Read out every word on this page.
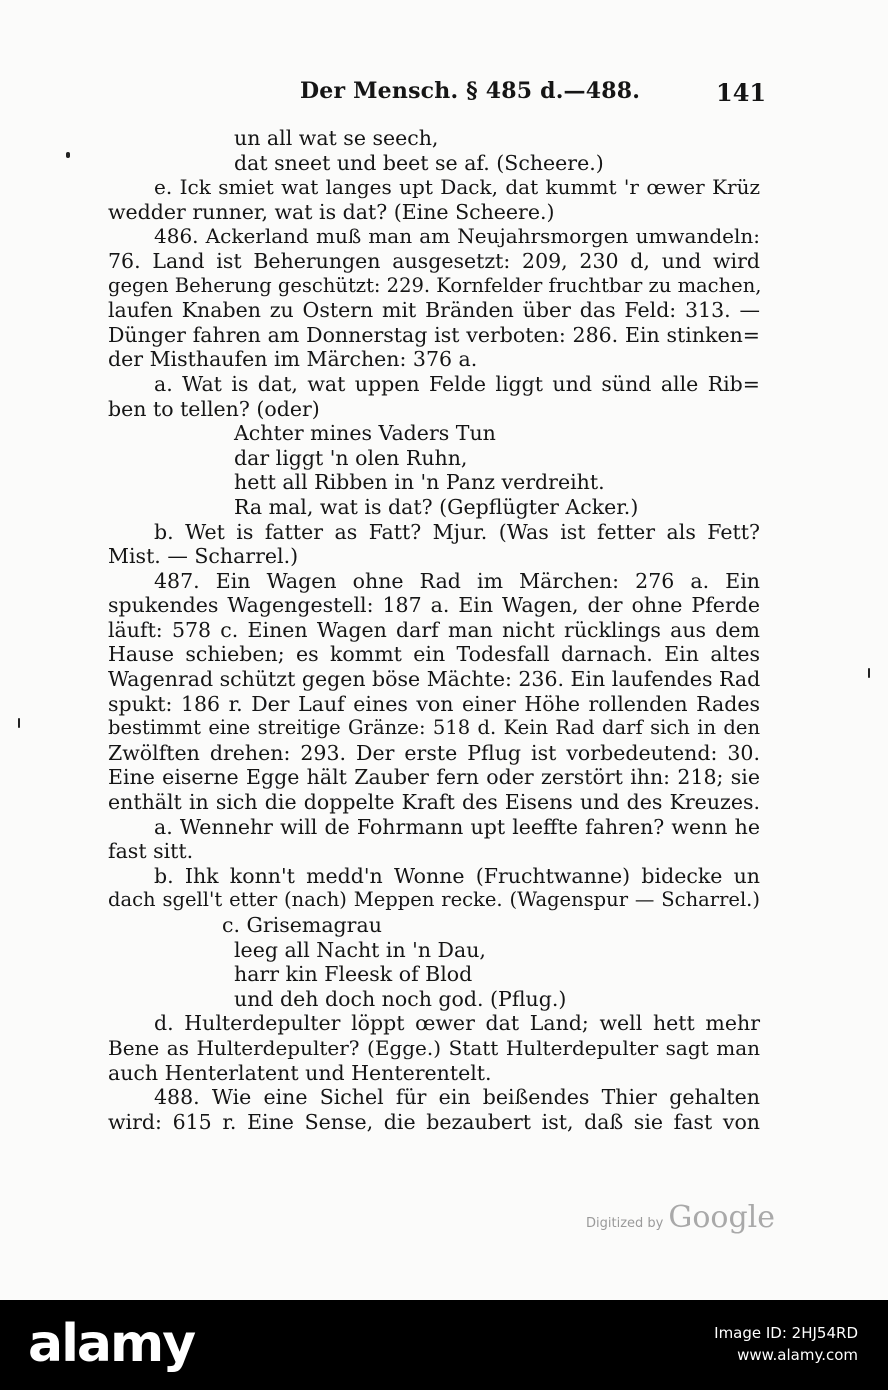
Der Mensch. § 485 d.—488.	141
un all wat se seech,
dat sneet und beet se af. (Scheere.)
e. Ick smiet wat langes upt Dack, dat kummt 'r œwer Krüz
wedder runner, wat is dat? (Eine Scheere.)
486. Ackerland muß man am Neujahrsmorgen umwandeln:
76. Land ist Beherungen ausgesetzt: 209, 230 d, und wird
gegen Beherung geschützt: 229. Kornfelder fruchtbar zu machen,
laufen Knaben zu Ostern mit Bränden über das Feld: 313. —
Dünger fahren am Donnerstag ist verboten: 286. Ein stinken=
der Misthaufen im Märchen: 376 a.
a. Wat is dat, wat uppen Felde liggt und sünd alle Rib=
ben to tellen? (oder)
Achter mines Vaders Tun
dar liggt 'n olen Ruhn,
hett all Ribben in 'n Panz verdreiht.
Ra mal, wat is dat? (Gepflügter Acker.)
b. Wet is fatter as Fatt? Mjur. (Was ist fetter als Fett?
Mist. — Scharrel.)
487. Ein Wagen ohne Rad im Märchen: 276 a. Ein
spukendes Wagengestell: 187 a. Ein Wagen, der ohne Pferde
läuft: 578 c. Einen Wagen darf man nicht rücklings aus dem
Hause schieben; es kommt ein Todesfall darnach. Ein altes
Wagenrad schützt gegen böse Mächte: 236. Ein laufendes Rad
spukt: 186 r. Der Lauf eines von einer Höhe rollenden Rades
bestimmt eine streitige Gränze: 518 d. Kein Rad darf sich in den
Zwölften drehen: 293. Der erste Pflug ist vorbedeutend: 30.
Eine eiserne Egge hält Zauber fern oder zerstört ihn: 218; sie
enthält in sich die doppelte Kraft des Eisens und des Kreuzes.
a. Wennehr will de Fohrmann upt leeffte fahren? wenn he
fast sitt.
b. Ihk konn't medd'n Wonne (Fruchtwanne) bidecke un
dach sgell't etter (nach) Meppen recke. (Wagenspur — Scharrel.)
c. Grisemagrau
leeg all Nacht in 'n Dau,
harr kin Fleesk of Blod
und deh doch noch god. (Pflug.)
d. Hulterdepulter löppt œwer dat Land; well hett mehr
Bene as Hulterdepulter? (Egge.) Statt Hulterdepulter sagt man
auch Henterlatent und Henterentelt.
488. Wie eine Sichel für ein beißendes Thier gehalten
wird: 615 r. Eine Sense, die bezaubert ist, daß sie fast von
Digitized by Google
alamy	Image ID: 2HJ54RD
www.alamy.com
